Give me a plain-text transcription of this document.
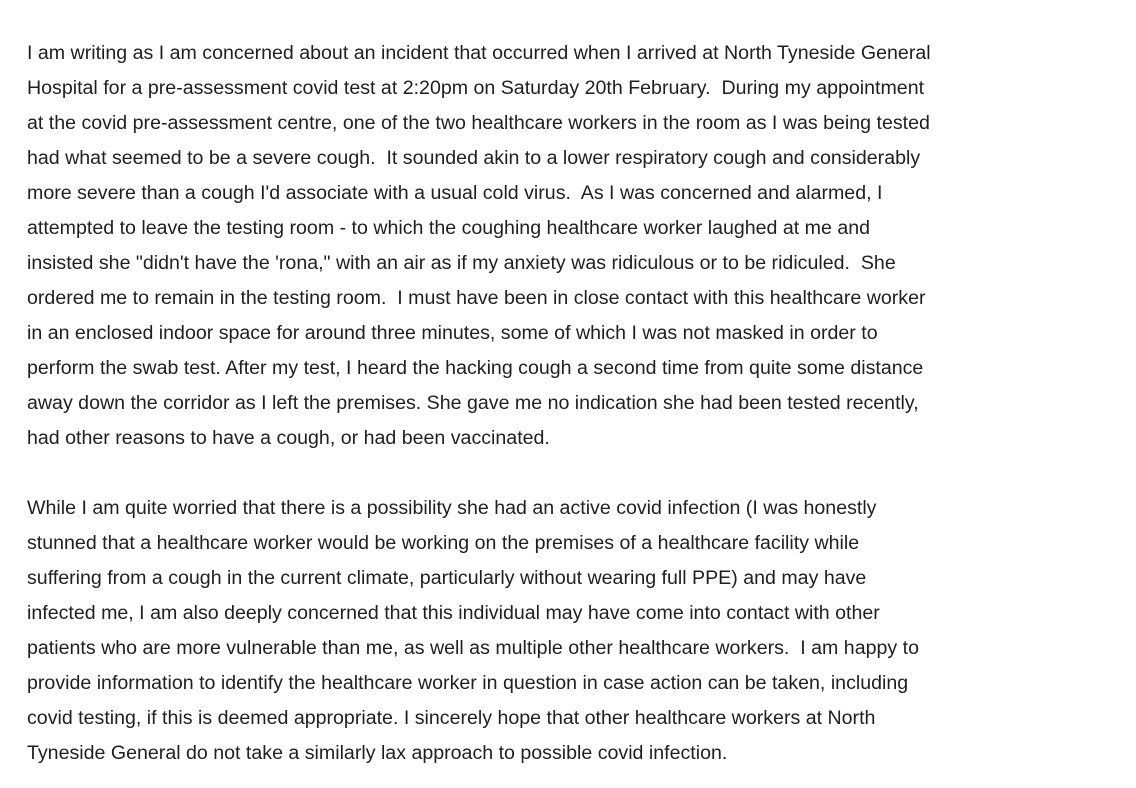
I am writing as I am concerned about an incident that occurred when I arrived at North Tyneside General
Hospital for a pre-assessment covid test at 2:20pm on Saturday 20th February.  During my appointment
at the covid pre-assessment centre, one of the two healthcare workers in the room as I was being tested
had what seemed to be a severe cough.  It sounded akin to a lower respiratory cough and considerably
more severe than a cough I'd associate with a usual cold virus.  As I was concerned and alarmed, I
attempted to leave the testing room - to which the coughing healthcare worker laughed at me and
insisted she "didn't have the 'rona," with an air as if my anxiety was ridiculous or to be ridiculed.  She
ordered me to remain in the testing room.  I must have been in close contact with this healthcare worker
in an enclosed indoor space for around three minutes, some of which I was not masked in order to
perform the swab test. After my test, I heard the hacking cough a second time from quite some distance
away down the corridor as I left the premises. She gave me no indication she had been tested recently,
had other reasons to have a cough, or had been vaccinated.
While I am quite worried that there is a possibility she had an active covid infection (I was honestly
stunned that a healthcare worker would be working on the premises of a healthcare facility while
suffering from a cough in the current climate, particularly without wearing full PPE) and may have
infected me, I am also deeply concerned that this individual may have come into contact with other
patients who are more vulnerable than me, as well as multiple other healthcare workers.  I am happy to
provide information to identify the healthcare worker in question in case action can be taken, including
covid testing, if this is deemed appropriate. I sincerely hope that other healthcare workers at North
Tyneside General do not take a similarly lax approach to possible covid infection.
